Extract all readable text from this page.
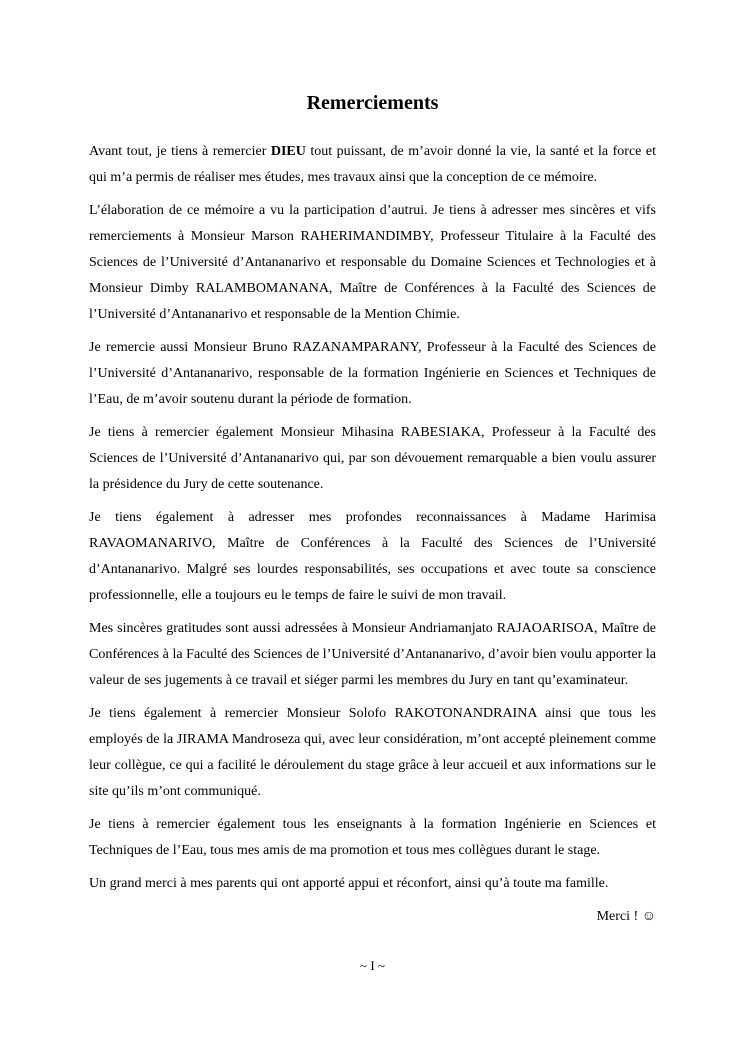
Remerciements

Avant tout, je tiens à remercier DIEU tout puissant, de m’avoir donné la vie, la santé et la force et qui m’a permis de réaliser mes études, mes travaux ainsi que la conception de ce mémoire.

L’élaboration de ce mémoire a vu la participation d’autrui. Je tiens à adresser mes sincères et vifs remerciements à Monsieur Marson RAHERIMANDIMBY, Professeur Titulaire à la Faculté des Sciences de l’Université d’Antananarivo et responsable du Domaine Sciences et Technologies et à Monsieur Dimby RALAMBOMANANA, Maître de Conférences à la Faculté des Sciences de l’Université d’Antananarivo et responsable de la Mention Chimie.

Je remercie aussi Monsieur Bruno RAZANAMPARANY, Professeur à la Faculté des Sciences de l’Université d’Antananarivo, responsable de la formation Ingénierie en Sciences et Techniques de l’Eau, de m’avoir soutenu durant la période de formation.

Je tiens à remercier également Monsieur Mihasina RABESIAKA, Professeur à la Faculté des Sciences de l’Université d’Antananarivo qui, par son dévouement remarquable a bien voulu assurer la présidence du Jury de cette soutenance.

Je tiens également à adresser mes profondes reconnaissances à Madame Harimisa RAVAOMANARIVO, Maître de Conférences à la Faculté des Sciences de l’Université d’Antananarivo. Malgré ses lourdes responsabilités, ses occupations et avec toute sa conscience professionnelle, elle a toujours eu le temps de faire le suivi de mon travail.

Mes sincères gratitudes sont aussi adressées à Monsieur Andriamanjato RAJAOARISOA, Maître de Conférences à la Faculté des Sciences de l’Université d’Antananarivo, d’avoir bien voulu apporter la valeur de ses jugements à ce travail et siéger parmi les membres du Jury en tant qu’examinateur.

Je tiens également à remercier Monsieur Solofo RAKOTONANDRAINA ainsi que tous les employés de la JIRAMA Mandroseza qui, avec leur considération, m’ont accepté pleinement comme leur collègue, ce qui a facilité le déroulement du stage grâce à leur accueil et aux informations sur le site qu’ils m’ont communiqué.

Je tiens à remercier également tous les enseignants à la formation Ingénierie en Sciences et Techniques de l’Eau, tous mes amis de ma promotion et tous mes collègues durant le stage.

Un grand merci à mes parents qui ont apporté appui et réconfort, ainsi qu’à toute ma famille.

Merci ! ☺

~ I ~
